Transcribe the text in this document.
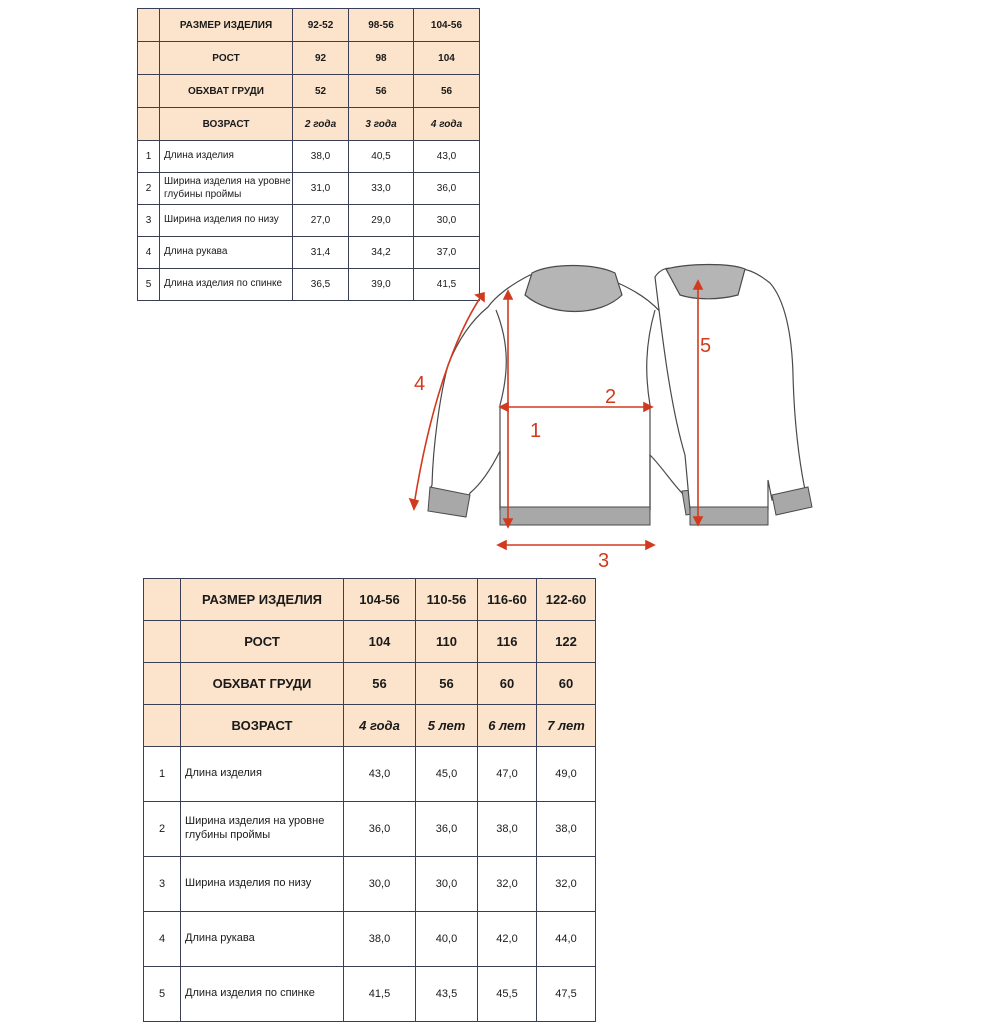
	РАЗМЕР ИЗДЕЛИЯ	92-52	98-56	104-56
	РОСТ	92	98	104
	ОБХВАТ ГРУДИ	52	56	56
	ВОЗРАСТ	2 года	3 года	4 года
1	Длина изделия	38,0	40,5	43,0
2	Ширина изделия на уровне глубины проймы	31,0	33,0	36,0
3	Ширина изделия по низу	27,0	29,0	30,0
4	Длина рукава	31,4	34,2	37,0
5	Длина изделия по спинке	36,5	39,0	41,5
1
2
3
4
5
	РАЗМЕР ИЗДЕЛИЯ	104-56	110-56	116-60	122-60
	РОСТ	104	110	116	122
	ОБХВАТ ГРУДИ	56	56	60	60
	ВОЗРАСТ	4 года	5 лет	6 лет	7 лет
1	Длина изделия	43,0	45,0	47,0	49,0
2	Ширина изделия на уровне глубины проймы	36,0	36,0	38,0	38,0
3	Ширина изделия по низу	30,0	30,0	32,0	32,0
4	Длина рукава	38,0	40,0	42,0	44,0
5	Длина изделия по спинке	41,5	43,5	45,5	47,5
